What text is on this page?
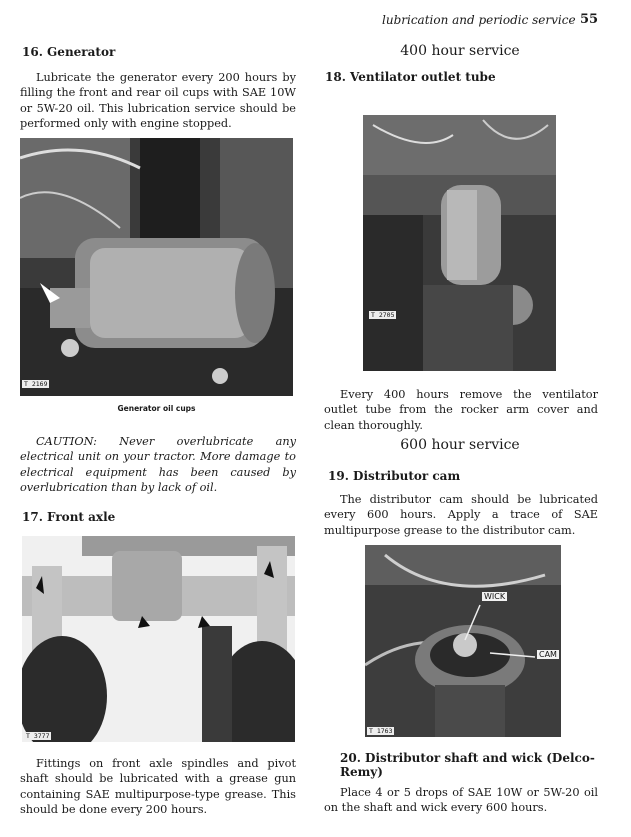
lubrication and periodic service 55
16. Generator
Lubricate the generator every 200 hours by filling the front and rear oil cups with SAE 10W or 5W-20 oil. This lubrication service should be performed only with engine stopped.
T 2169
Generator oil cups
CAUTION: Never overlubricate any electrical unit on your tractor. More damage to electrical equipment has been caused by overlubrication than by lack of oil.
17. Front axle
T 3777
Fittings on front axle spindles and pivot shaft should be lubricated with a grease gun containing SAE multipurpose-type grease. This should be done every 200 hours.
400 hour service
18. Ventilator outlet tube
T 2705
Every 400 hours remove the ventilator outlet tube from the rocker arm cover and clean thoroughly.
600 hour service
19. Distributor cam
The distributor cam should be lubricated every 600 hours. Apply a trace of SAE multipurpose grease to the distributor cam.
WICK
CAM
T 1763
20. Distributor shaft and wick (Delco-Remy)
Place 4 or 5 drops of SAE 10W or 5W-20 oil on the shaft and wick every 600 hours.
